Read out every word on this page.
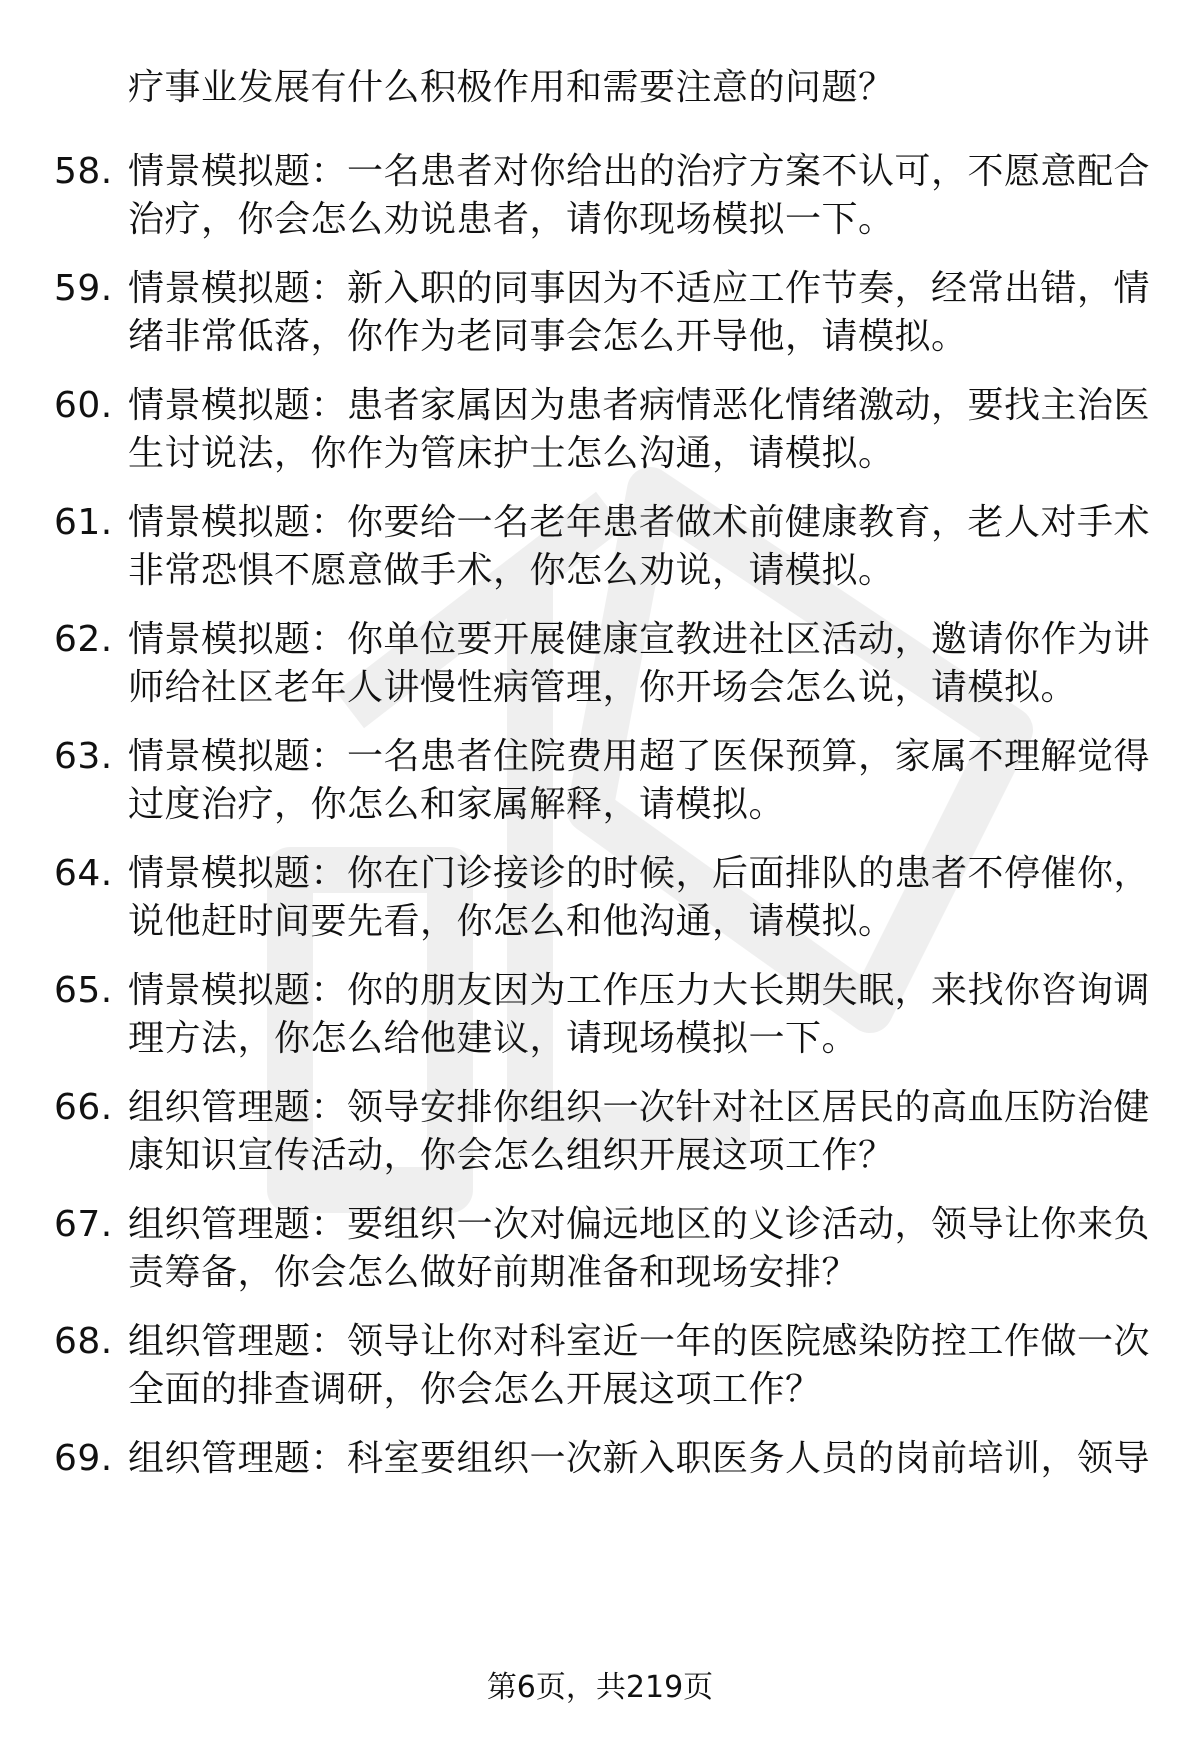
疗事业发展有什么积极作用和需要注意的问题？
58. 情景模拟题：一名患者对你给出的治疗方案不认可，不愿意配合
治疗，你会怎么劝说患者，请你现场模拟一下。
59. 情景模拟题：新入职的同事因为不适应工作节奏，经常出错，情
绪非常低落，你作为老同事会怎么开导他，请模拟。
60. 情景模拟题：患者家属因为患者病情恶化情绪激动，要找主治医
生讨说法，你作为管床护士怎么沟通，请模拟。
61. 情景模拟题：你要给一名老年患者做术前健康教育，老人对手术
非常恐惧不愿意做手术，你怎么劝说，请模拟。
62. 情景模拟题：你单位要开展健康宣教进社区活动，邀请你作为讲
师给社区老年人讲慢性病管理，你开场会怎么说，请模拟。
63. 情景模拟题：一名患者住院费用超了医保预算，家属不理解觉得
过度治疗，你怎么和家属解释，请模拟。
64. 情景模拟题：你在门诊接诊的时候，后面排队的患者不停催你，
说他赶时间要先看，你怎么和他沟通，请模拟。
65. 情景模拟题：你的朋友因为工作压力大长期失眠，来找你咨询调
理方法，你怎么给他建议，请现场模拟一下。
66. 组织管理题：领导安排你组织一次针对社区居民的高血压防治健
康知识宣传活动，你会怎么组织开展这项工作？
67. 组织管理题：要组织一次对偏远地区的义诊活动，领导让你来负
责筹备，你会怎么做好前期准备和现场安排？
68. 组织管理题：领导让你对科室近一年的医院感染防控工作做一次
全面的排查调研，你会怎么开展这项工作？
69. 组织管理题：科室要组织一次新入职医务人员的岗前培训，领导
第6页，共219页
